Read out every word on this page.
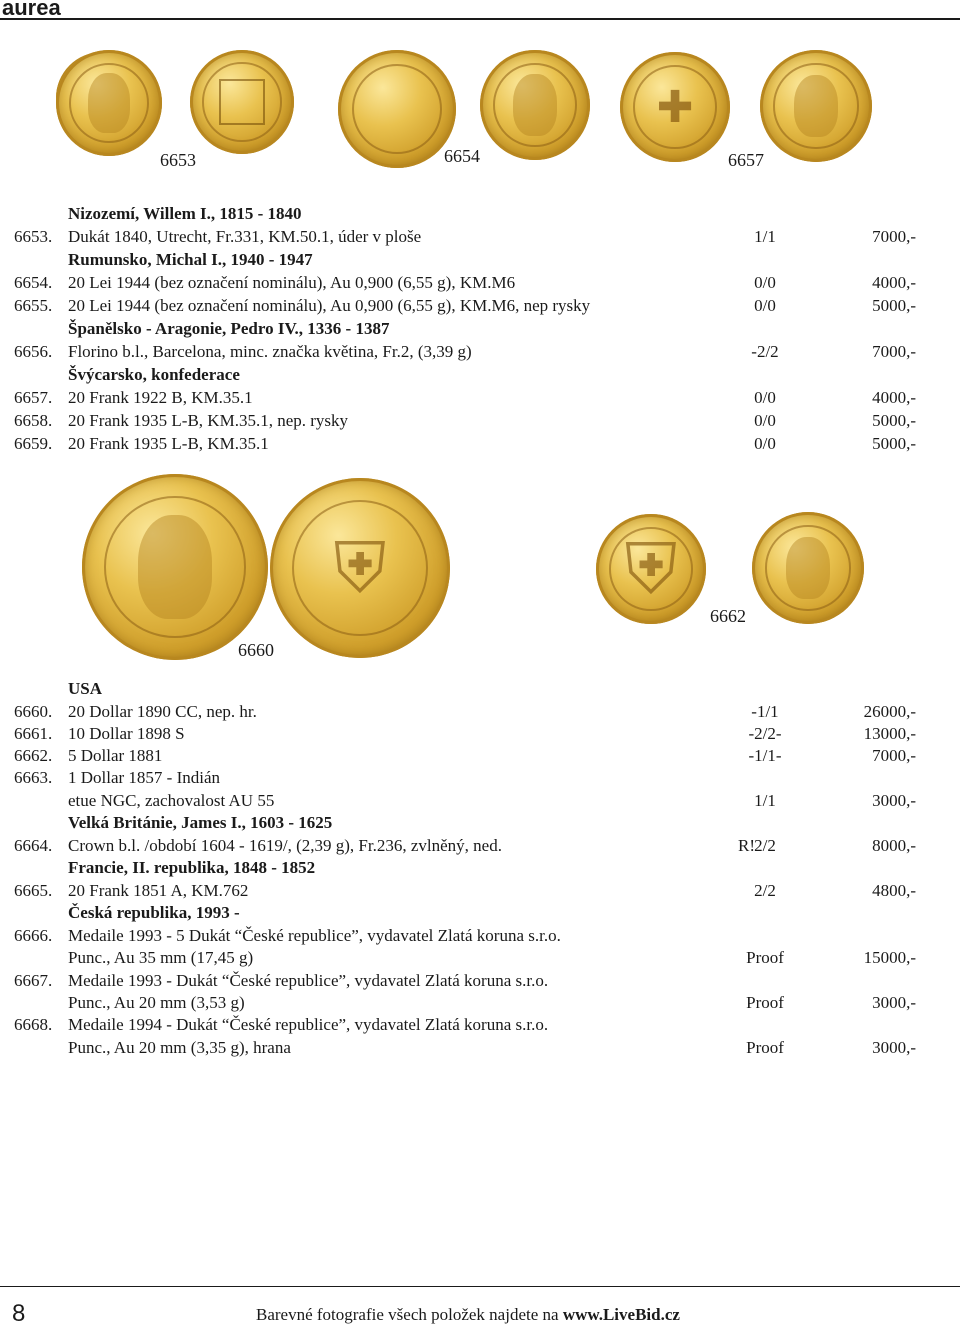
aurea
✚
6653	6654	6657
Nizozemí, Willem I., 1815 - 1840
6653. Dukát 1840, Utrecht, Fr.331, KM.50.1, úder v ploše	1/1	7000,-
Rumunsko, Michal I., 1940 - 1947
6654. 20 Lei 1944 (bez označení nominálu), Au 0,900 (6,55 g), KM.M6	0/0	4000,-
6655. 20 Lei 1944 (bez označení nominálu), Au 0,900 (6,55 g), KM.M6, nep rysky	0/0	5000,-
Španělsko - Aragonie, Pedro IV., 1336 - 1387
6656. Florino b.l., Barcelona, minc. značka květina, Fr.2, (3,39 g)	-2/2	7000,-
Švýcarsko, konfederace
6657. 20 Frank 1922 B, KM.35.1	0/0	4000,-
6658. 20 Frank 1935 L-B, KM.35.1, nep. rysky	0/0	5000,-
6659. 20 Frank 1935 L-B, KM.35.1	0/0	5000,-
⛨
⛨
6660
6662
USA
6660. 20 Dollar 1890 CC, nep. hr.	-1/1	26000,-
6661. 10 Dollar 1898 S	-2/2-	13000,-
6662. 5 Dollar 1881	-1/1-	7000,-
6663. 1 Dollar 1857 - Indián
etue NGC, zachovalost AU 55	1/1	3000,-
Velká Británie, James I., 1603 - 1625
6664. Crown b.l. /období 1604 - 1619/, (2,39 g), Fr.236, zvlněný, ned.	R! 2/2	8000,-
Francie, II. republika, 1848 - 1852
6665. 20 Frank 1851 A, KM.762	2/2	4800,-
Česká republika, 1993 -
6666. Medaile 1993 - 5 Dukát “České republice”, vydavatel Zlatá koruna s.r.o.
Punc., Au 35 mm (17,45 g)	Proof	15000,-
6667. Medaile 1993 - Dukát “České republice”, vydavatel Zlatá koruna s.r.o.
Punc., Au 20 mm (3,53 g)	Proof	3000,-
6668. Medaile 1994 - Dukát “České republice”, vydavatel Zlatá koruna s.r.o.
Punc., Au 20 mm (3,35 g), hrana	Proof	3000,-
8	Barevné fotografie všech položek najdete na www.LiveBid.cz
